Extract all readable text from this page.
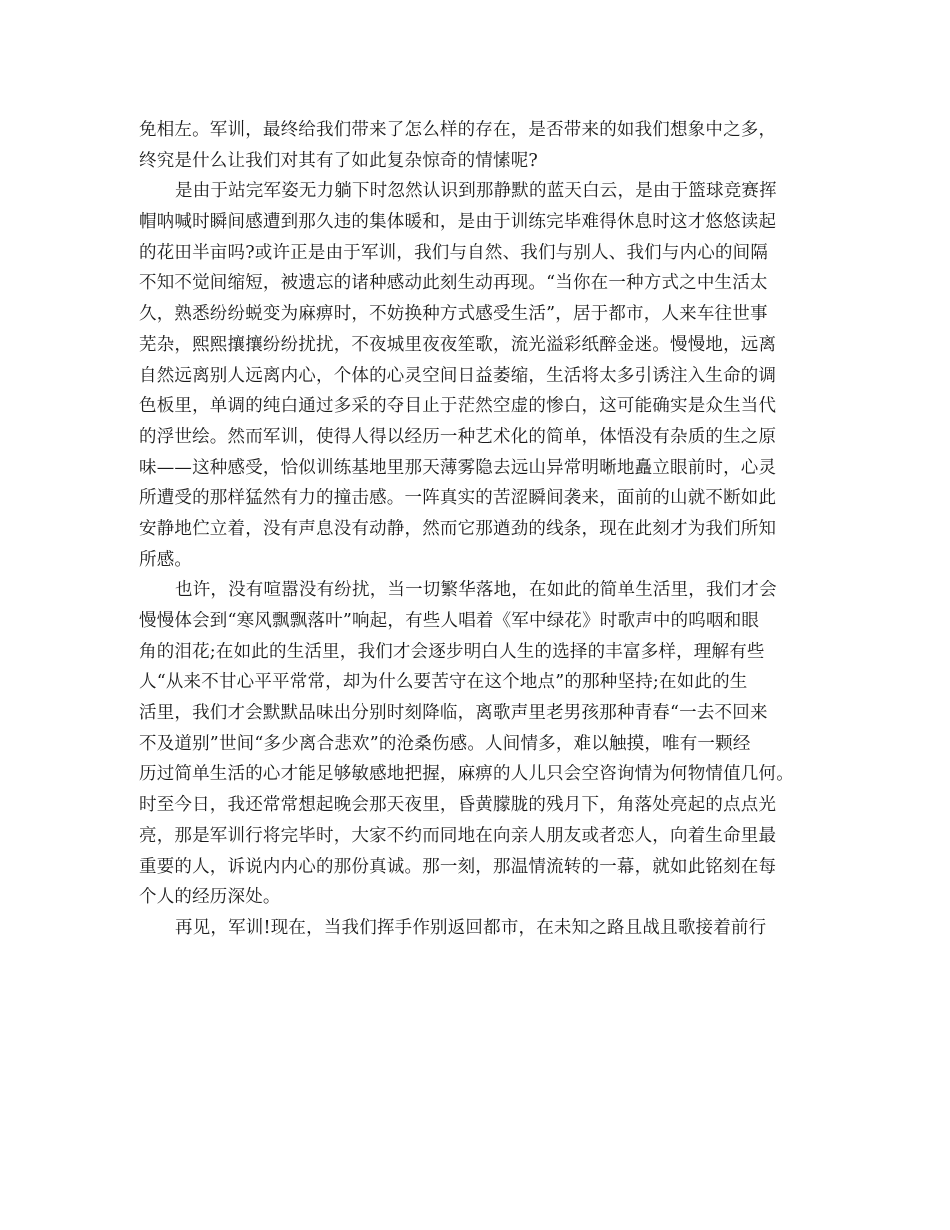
免相左。军训，最终给我们带来了怎么样的存在，是否带来的如我们想象中之多，
终究是什么让我们对其有了如此复杂惊奇的情愫呢?
是由于站完军姿无力躺下时忽然认识到那静默的蓝天白云，是由于篮球竞赛挥
帽呐喊时瞬间感遭到那久违的集体暖和，是由于训练完毕难得休息时这才悠悠读起
的花田半亩吗?或许正是由于军训，我们与自然、我们与别人、我们与内心的间隔
不知不觉间缩短，被遗忘的诸种感动此刻生动再现。“当你在一种方式之中生活太
久，熟悉纷纷蜕变为麻痹时，不妨换种方式感受生活”，居于都市，人来车往世事
芜杂，熙熙攘攘纷纷扰扰，不夜城里夜夜笙歌，流光溢彩纸醉金迷。慢慢地，远离
自然远离别人远离内心，个体的心灵空间日益萎缩，生活将太多引诱注入生命的调
色板里，单调的纯白通过多采的夺目止于茫然空虚的惨白，这可能确实是众生当代
的浮世绘。然而军训，使得人得以经历一种艺术化的简单，体悟没有杂质的生之原
味——这种感受，恰似训练基地里那天薄雾隐去远山异常明晰地矗立眼前时，心灵
所遭受的那样猛然有力的撞击感。一阵真实的苦涩瞬间袭来，面前的山就不断如此
安静地伫立着，没有声息没有动静，然而它那遒劲的线条，现在此刻才为我们所知
所感。
也许，没有喧嚣没有纷扰，当一切繁华落地，在如此的简单生活里，我们才会
慢慢体会到“寒风飘飘落叶”响起，有些人唱着《军中绿花》时歌声中的呜咽和眼
角的泪花;在如此的生活里，我们才会逐步明白人生的选择的丰富多样，理解有些
人“从来不甘心平平常常，却为什么要苦守在这个地点”的那种坚持;在如此的生
活里，我们才会默默品味出分别时刻降临，离歌声里老男孩那种青春“一去不回来
不及道别”世间“多少离合悲欢”的沧桑伤感。人间情多，难以触摸，唯有一颗经
历过简单生活的心才能足够敏感地把握，麻痹的人儿只会空咨询情为何物情值几何。
时至今日，我还常常想起晚会那天夜里，昏黄朦胧的残月下，角落处亮起的点点光
亮，那是军训行将完毕时，大家不约而同地在向亲人朋友或者恋人，向着生命里最
重要的人，诉说内内心的那份真诚。那一刻，那温情流转的一幕，就如此铭刻在每
个人的经历深处。
再见，军训!现在，当我们挥手作别返回都市，在未知之路且战且歌接着前行
